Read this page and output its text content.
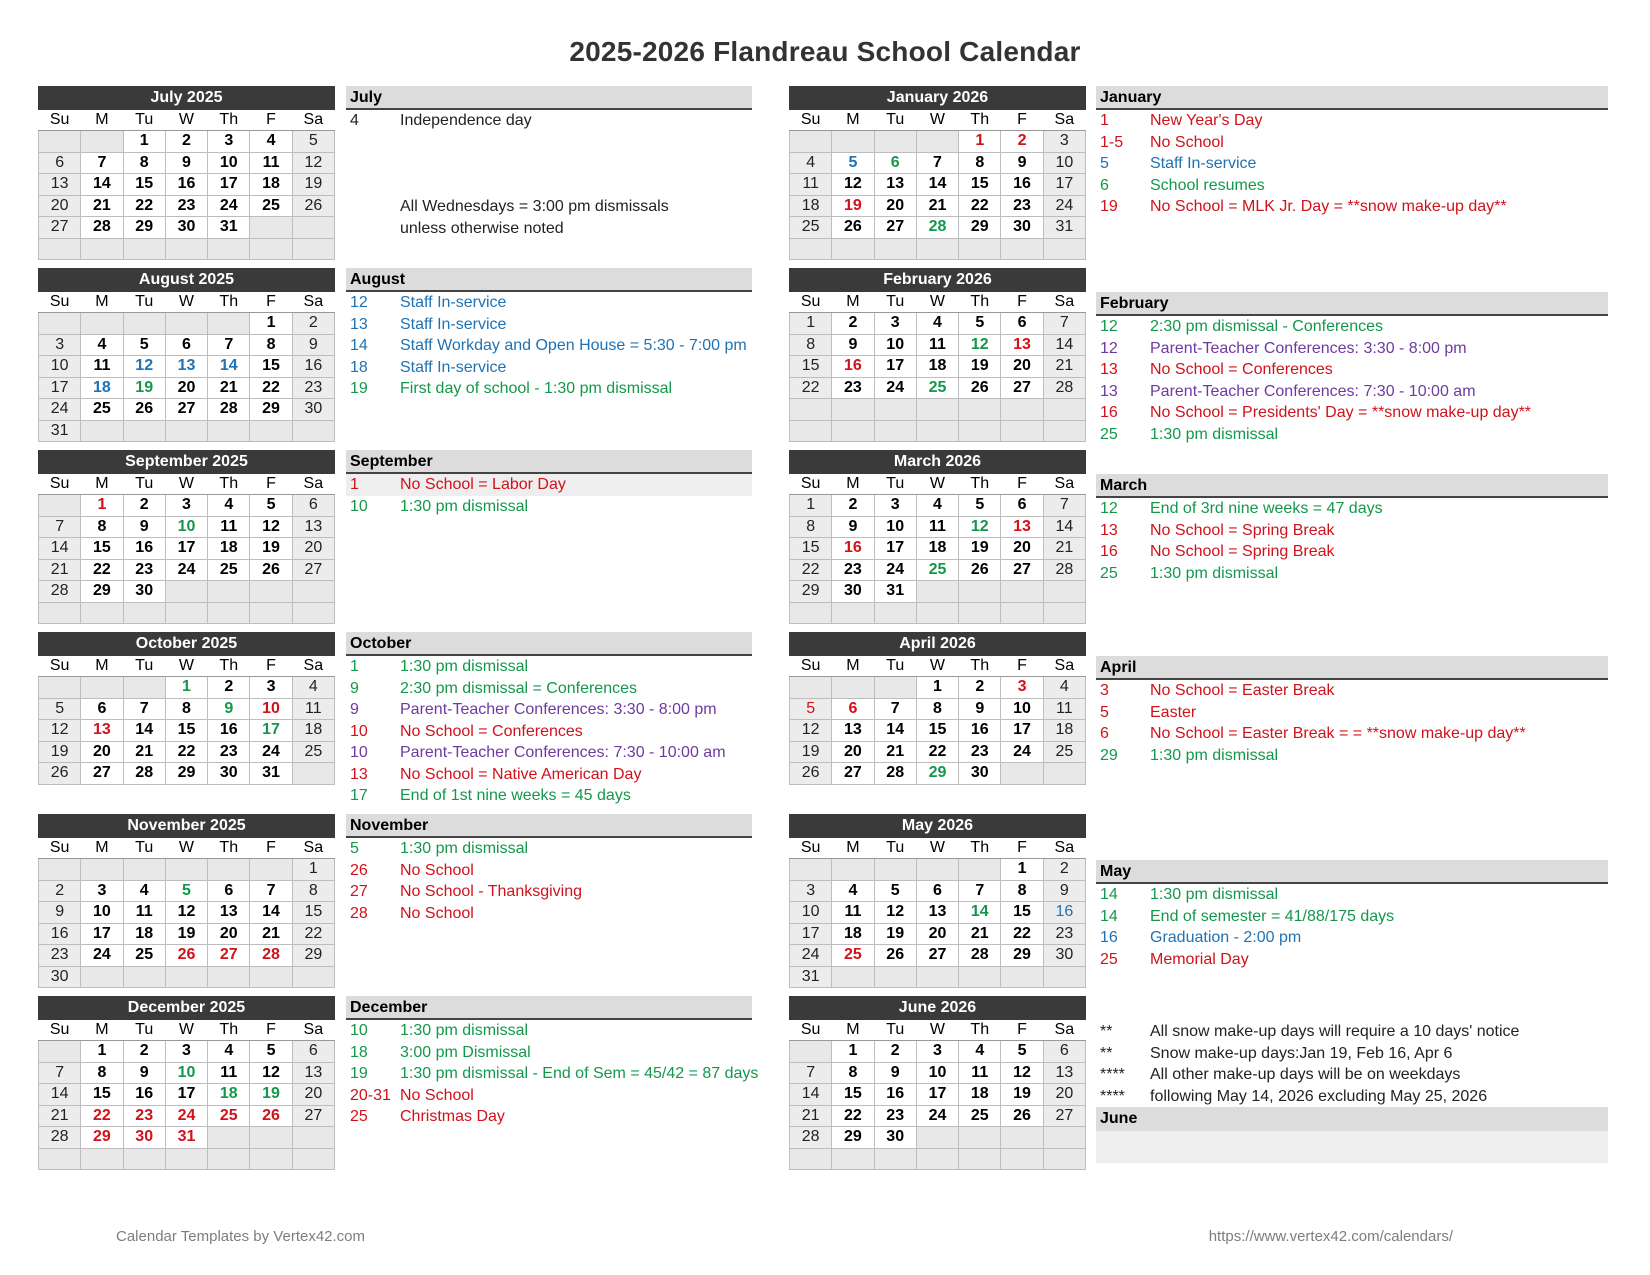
2025-2026 Flandreau School Calendar
July 2025
Su	M	Tu	W	Th	F	Sa
		1	2	3	4	5
6	7	8	9	10	11	12
13	14	15	16	17	18	19
20	21	22	23	24	25	26
27	28	29	30	31		

August 2025
Su	M	Tu	W	Th	F	Sa
					1	2
3	4	5	6	7	8	9
10	11	12	13	14	15	16
17	18	19	20	21	22	23
24	25	26	27	28	29	30
31						
September 2025
Su	M	Tu	W	Th	F	Sa
	1	2	3	4	5	6
7	8	9	10	11	12	13
14	15	16	17	18	19	20
21	22	23	24	25	26	27
28	29	30				

October 2025
Su	M	Tu	W	Th	F	Sa
			1	2	3	4
5	6	7	8	9	10	11
12	13	14	15	16	17	18
19	20	21	22	23	24	25
26	27	28	29	30	31	
November 2025
Su	M	Tu	W	Th	F	Sa
						1
2	3	4	5	6	7	8
9	10	11	12	13	14	15
16	17	18	19	20	21	22
23	24	25	26	27	28	29
30						
December 2025
Su	M	Tu	W	Th	F	Sa
	1	2	3	4	5	6
7	8	9	10	11	12	13
14	15	16	17	18	19	20
21	22	23	24	25	26	27
28	29	30	31			

January 2026
Su	M	Tu	W	Th	F	Sa
				1	2	3
4	5	6	7	8	9	10
11	12	13	14	15	16	17
18	19	20	21	22	23	24
25	26	27	28	29	30	31

February 2026
Su	M	Tu	W	Th	F	Sa
1	2	3	4	5	6	7
8	9	10	11	12	13	14
15	16	17	18	19	20	21
22	23	24	25	26	27	28

March 2026
Su	M	Tu	W	Th	F	Sa
1	2	3	4	5	6	7
8	9	10	11	12	13	14
15	16	17	18	19	20	21
22	23	24	25	26	27	28
29	30	31				

April 2026
Su	M	Tu	W	Th	F	Sa
			1	2	3	4
5	6	7	8	9	10	11
12	13	14	15	16	17	18
19	20	21	22	23	24	25
26	27	28	29	30		
May 2026
Su	M	Tu	W	Th	F	Sa
					1	2
3	4	5	6	7	8	9
10	11	12	13	14	15	16
17	18	19	20	21	22	23
24	25	26	27	28	29	30
31						
June 2026
Su	M	Tu	W	Th	F	Sa
	1	2	3	4	5	6
7	8	9	10	11	12	13
14	15	16	17	18	19	20
21	22	23	24	25	26	27
28	29	30				

July
4	Independence day
All Wednesdays = 3:00 pm dismissals
unless otherwise noted
August
12 Staff In-service
13 Staff In-service
14 Staff Workday and Open House = 5:30 - 7:00 pm
18 Staff In-service
19 First day of school - 1:30 pm dismissal
September
1	No School = Labor Day
10 1:30 pm dismissal
October
1	1:30 pm dismissal
9	2:30 pm dismissal = Conferences
9	Parent-Teacher Conferences: 3:30 - 8:00 pm
10 No School = Conferences
10 Parent-Teacher Conferences: 7:30 - 10:00 am
13 No School = Native American Day
17 End of 1st nine weeks = 45 days
November
5	1:30 pm dismissal
26 No School
27 No School - Thanksgiving
28 No School
December
10 1:30 pm dismissal
18 3:00 pm Dismissal
19 1:30 pm dismissal - End of Sem = 45/42 = 87 days
20-31 No School
25 Christmas Day
January
1	New Year's Day
1-5 No School
5	Staff In-service
6	School resumes
19 No School = MLK Jr. Day = **snow make-up day**
February
12 2:30 pm dismissal - Conferences
12 Parent-Teacher Conferences: 3:30 - 8:00 pm
13 No School = Conferences
13 Parent-Teacher Conferences: 7:30 - 10:00 am
16 No School = Presidents' Day = **snow make-up day**
25 1:30 pm dismissal
March
12 End of 3rd nine weeks = 47 days
13 No School = Spring Break
16 No School = Spring Break
25 1:30 pm dismissal
April
3	No School = Easter Break
5	Easter
6	No School = Easter Break = = **snow make-up day**
29 1:30 pm dismissal
May
14 1:30 pm dismissal
14 End of semester = 41/88/175 days
16 Graduation - 2:00 pm
25 Memorial Day
** All snow make-up days will require a 10 days' notice
** Snow make-up days:Jan 19, Feb 16, Apr 6
**** All other make-up days will be on weekdays
**** following May 14, 2026 excluding May 25, 2026
June
Calendar Templates by Vertex42.com	https://www.vertex42.com/calendars/
